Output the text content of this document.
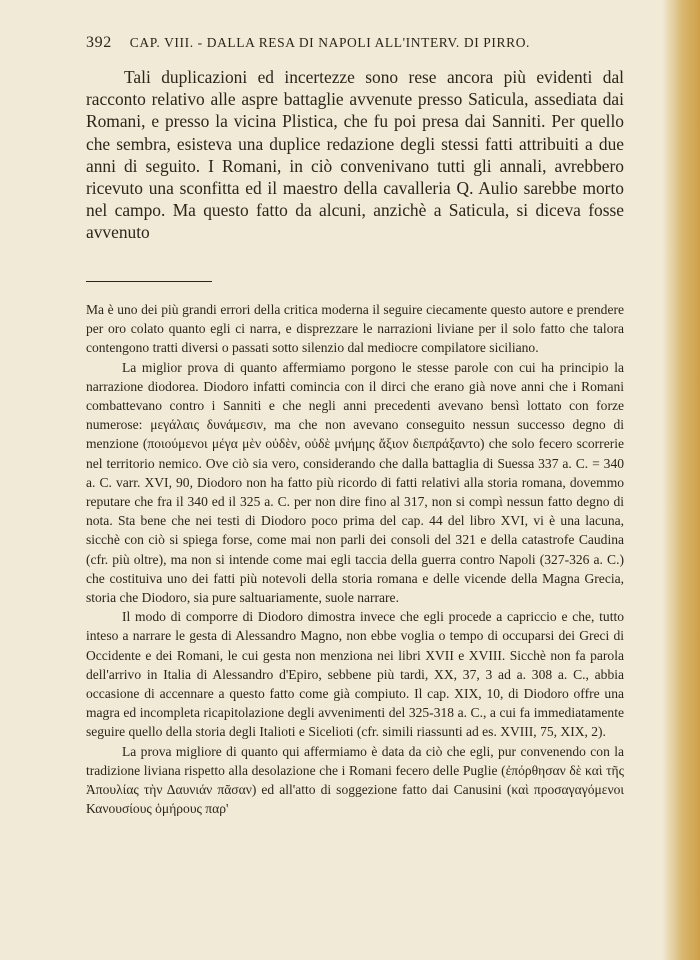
392 CAP. VIII. - DALLA RESA DI NAPOLI ALL'INTERV. DI PIRRO.
Tali duplicazioni ed incertezze sono rese ancora più evidenti dal racconto relativo alle aspre battaglie avvenute presso Saticula, assediata dai Romani, e presso la vicina Plistica, che fu poi presa dai Sanniti. Per quello che sembra, esisteva una duplice redazione degli stessi fatti attribuiti a due anni di seguito. I Romani, in ciò convenivano tutti gli annali, avrebbero ricevuto una sconfitta ed il maestro della cavalleria Q. Aulio sarebbe morto nel campo. Ma questo fatto da alcuni, anzichè a Saticula, si diceva fosse avvenuto

Ma è uno dei più grandi errori della critica moderna il seguire ciecamente questo autore e prendere per oro colato quanto egli ci narra, e disprezzare le narrazioni liviane per il solo fatto che talora contengono tratti diversi o passati sotto silenzio dal mediocre compilatore siciliano.

La miglior prova di quanto affermiamo porgono le stesse parole con cui ha principio la narrazione diodorea. Diodoro infatti comincia con il dirci che erano già nove anni che i Romani combattevano contro i Sanniti e che negli anni precedenti avevano bensì lottato con forze numerose: μεγάλαις δυνάμεσιν, ma che non avevano conseguito nessun successo degno di menzione (ποιούμενοι μέγα μὲν οὐδὲν, οὐδὲ μνήμης ἄξιον διεπράξαντο) che solo fecero scorrerie nel territorio nemico. Ove ciò sia vero, considerando che dalla battaglia di Suessa 337 a. C. = 340 a. C. varr. XVI, 90, Diodoro non ha fatto più ricordo di fatti relativi alla storia romana, dovemmo reputare che fra il 340 ed il 325 a. C. per non dire fino al 317, non si compì nessun fatto degno di nota. Sta bene che nei testi di Diodoro poco prima del cap. 44 del libro XVI, vi è una lacuna, sicchè con ciò si spiega forse, come mai non parli dei consoli del 321 e della catastrofe Caudina (cfr. più oltre), ma non si intende come mai egli taccia della guerra contro Napoli (327-326 a. C.) che costituiva uno dei fatti più notevoli della storia romana e delle vicende della Magna Grecia, storia che Diodoro, sia pure saltuariamente, suole narrare.

Il modo di comporre di Diodoro dimostra invece che egli procede a capriccio e che, tutto inteso a narrare le gesta di Alessandro Magno, non ebbe voglia o tempo di occuparsi dei Greci di Occidente e dei Romani, le cui gesta non menziona nei libri XVII e XVIII. Sicchè non fa parola dell'arrivo in Italia di Alessandro d'Epiro, sebbene più tardi, XX, 37, 3 ad a. 308 a. C., abbia occasione di accennare a questo fatto come già compiuto. Il cap. XIX, 10, di Diodoro offre una magra ed incompleta ricapitolazione degli avvenimenti del 325-318 a. C., a cui fa immediatamente seguire quello della storia degli Italioti e Sicelioti (cfr. simili riassunti ad es. XVIII, 75, XIX, 2).

La prova migliore di quanto qui affermiamo è data da ciò che egli, pur convenendo con la tradizione liviana rispetto alla desolazione che i Romani fecero delle Puglie (ἐπόρθησαν δὲ καὶ τῆς Ἀπουλίας τὴν Δαυνιάν πᾶσαν) ed all'atto di soggezione fatto dai Canusini (καὶ προσαγαγόμενοι Κανουσίους ὁμήρους παρ'
